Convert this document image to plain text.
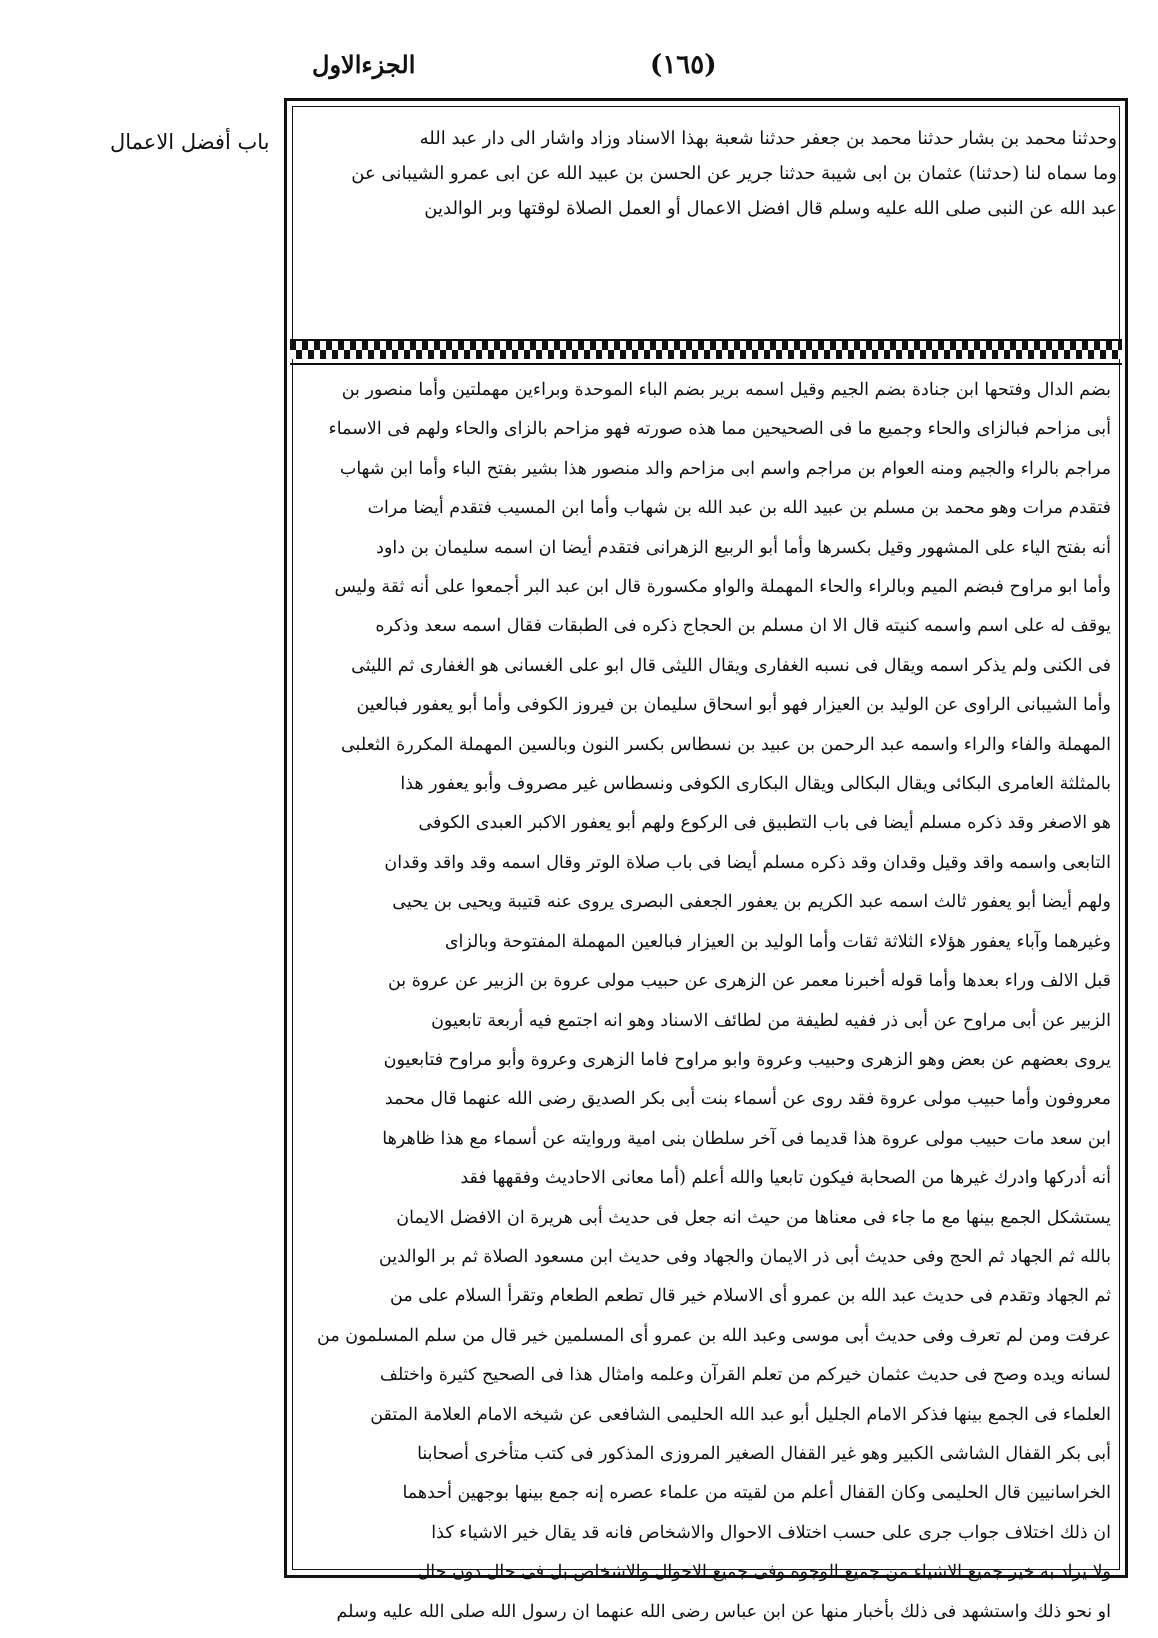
(١٦٥)
الجزءالاول
باب أفضل الاعمال	وحدثنا محمد بن بشار حدثنا محمد بن جعفر حدثنا شعبة بهذا الاسناد وزاد واشار الى دار عبد الله
وما سماه لنا (حدثنا) عثمان بن ابى شيبة حدثنا جرير عن الحسن بن عبيد الله عن ابى عمرو الشيبانى عن
عبد الله عن النبى صلى الله عليه وسلم قال افضل الاعمال أو العمل الصلاة لوقتها وبر الوالدين
بضم الدال وفتحها ابن جنادة بضم الجيم وقيل اسمه برير بضم الباء الموحدة وبراءين مهملتين وأما منصور بن
أبى مزاحم فبالزاى والحاء وجميع ما فى الصحيحين مما هذه صورته فهو مزاحم بالزاى والحاء ولهم فى الاسماء
مراجم بالراء والجيم ومنه العوام بن مراجم واسم ابى مزاحم والد منصور هذا بشير بفتح الباء وأما ابن شهاب
فتقدم مرات وهو محمد بن مسلم بن عبيد الله بن عبد الله بن شهاب وأما ابن المسيب فتقدم أيضا مرات
أنه بفتح الياء على المشهور وقيل بكسرها وأما أبو الربيع الزهرانى فتقدم أيضا ان اسمه سليمان بن داود
وأما ابو مراوح فبضم الميم وبالراء والحاء المهملة والواو مكسورة قال ابن عبد البر أجمعوا على أنه ثقة وليس
يوقف له على اسم واسمه كنيته قال الا ان مسلم بن الحجاج ذكره فى الطبقات فقال اسمه سعد وذكره
فى الكنى ولم يذكر اسمه ويقال فى نسبه الغفارى ويقال الليثى قال ابو على الغسانى هو الغفارى ثم الليثى
وأما الشيبانى الراوى عن الوليد بن العيزار فهو أبو اسحاق سليمان بن فيروز الكوفى وأما أبو يعفور فبالعين
المهملة والفاء والراء واسمه عبد الرحمن بن عبيد بن نسطاس بكسر النون وبالسين المهملة المكررة الثعلبى
بالمثلثة العامرى البكائى ويقال البكالى ويقال البكارى الكوفى ونسطاس غير مصروف وأبو يعفور هذا
هو الاصغر وقد ذكره مسلم أيضا فى باب التطبيق فى الركوع ولهم أبو يعفور الاكبر العبدى الكوفى
التابعى واسمه واقد وقيل وقدان وقد ذكره مسلم أيضا فى باب صلاة الوتر وقال اسمه وقد واقد وقدان
ولهم أيضا أبو يعفور ثالث اسمه عبد الكريم بن يعفور الجعفى البصرى يروى عنه قتيبة ويحيى بن يحيى
وغيرهما وآباء يعفور هؤلاء الثلاثة ثقات وأما الوليد بن العيزار فبالعين المهملة المفتوحة وبالزاى
قبل الالف وراء بعدها وأما قوله أخبرنا معمر عن الزهرى عن حبيب مولى عروة بن الزبير عن عروة بن
الزبير عن أبى مراوح عن أبى ذر ففيه لطيفة من لطائف الاسناد وهو انه اجتمع فيه أربعة تابعيون
يروى بعضهم عن بعض وهو الزهرى وحبيب وعروة وابو مراوح فاما الزهرى وعروة وأبو مراوح فتابعيون
معروفون وأما حبيب مولى عروة فقد روى عن أسماء بنت أبى بكر الصديق رضى الله عنهما قال محمد
ابن سعد مات حبيب مولى عروة هذا قديما فى آخر سلطان بنى امية وروايته عن أسماء مع هذا ظاهرها
أنه أدركها وادرك غيرها من الصحابة فيكون تابعيا والله أعلم (أما معانى الاحاديث وفقهها فقد
يستشكل الجمع بينها مع ما جاء فى معناها من حيث انه جعل فى حديث أبى هريرة ان الافضل الايمان
بالله ثم الجهاد ثم الحج وفى حديث أبى ذر الايمان والجهاد وفى حديث ابن مسعود الصلاة ثم بر الوالدين
ثم الجهاد وتقدم فى حديث عبد الله بن عمرو أى الاسلام خير قال تطعم الطعام وتقرأ السلام على من
عرفت ومن لم تعرف وفى حديث أبى موسى وعبد الله بن عمرو أى المسلمين خير قال من سلم المسلمون من
لسانه ويده وصح فى حديث عثمان خيركم من تعلم القرآن وعلمه وامثال هذا فى الصحيح كثيرة واختلف
العلماء فى الجمع بينها فذكر الامام الجليل أبو عبد الله الحليمى الشافعى عن شيخه الامام العلامة المتقن
أبى بكر القفال الشاشى الكبير وهو غير القفال الصغير المروزى المذكور فى كتب متأخرى أصحابنا
الخراسانيين قال الحليمى وكان القفال أعلم من لقيته من علماء عصره إنه جمع بينها بوجهين أحدهما
ان ذلك اختلاف جواب جرى على حسب اختلاف الاحوال والاشخاص فانه قد يقال خير الاشياء كذا
ولا يراد به خير جميع الاشياء من جميع الوجوه وفى جميع الاحوال والاشخاص بل فى حال دون حال
او نحو ذلك واستشهد فى ذلك بأخبار منها عن ابن عباس رضى الله عنهما ان رسول الله صلى الله عليه وسلم
